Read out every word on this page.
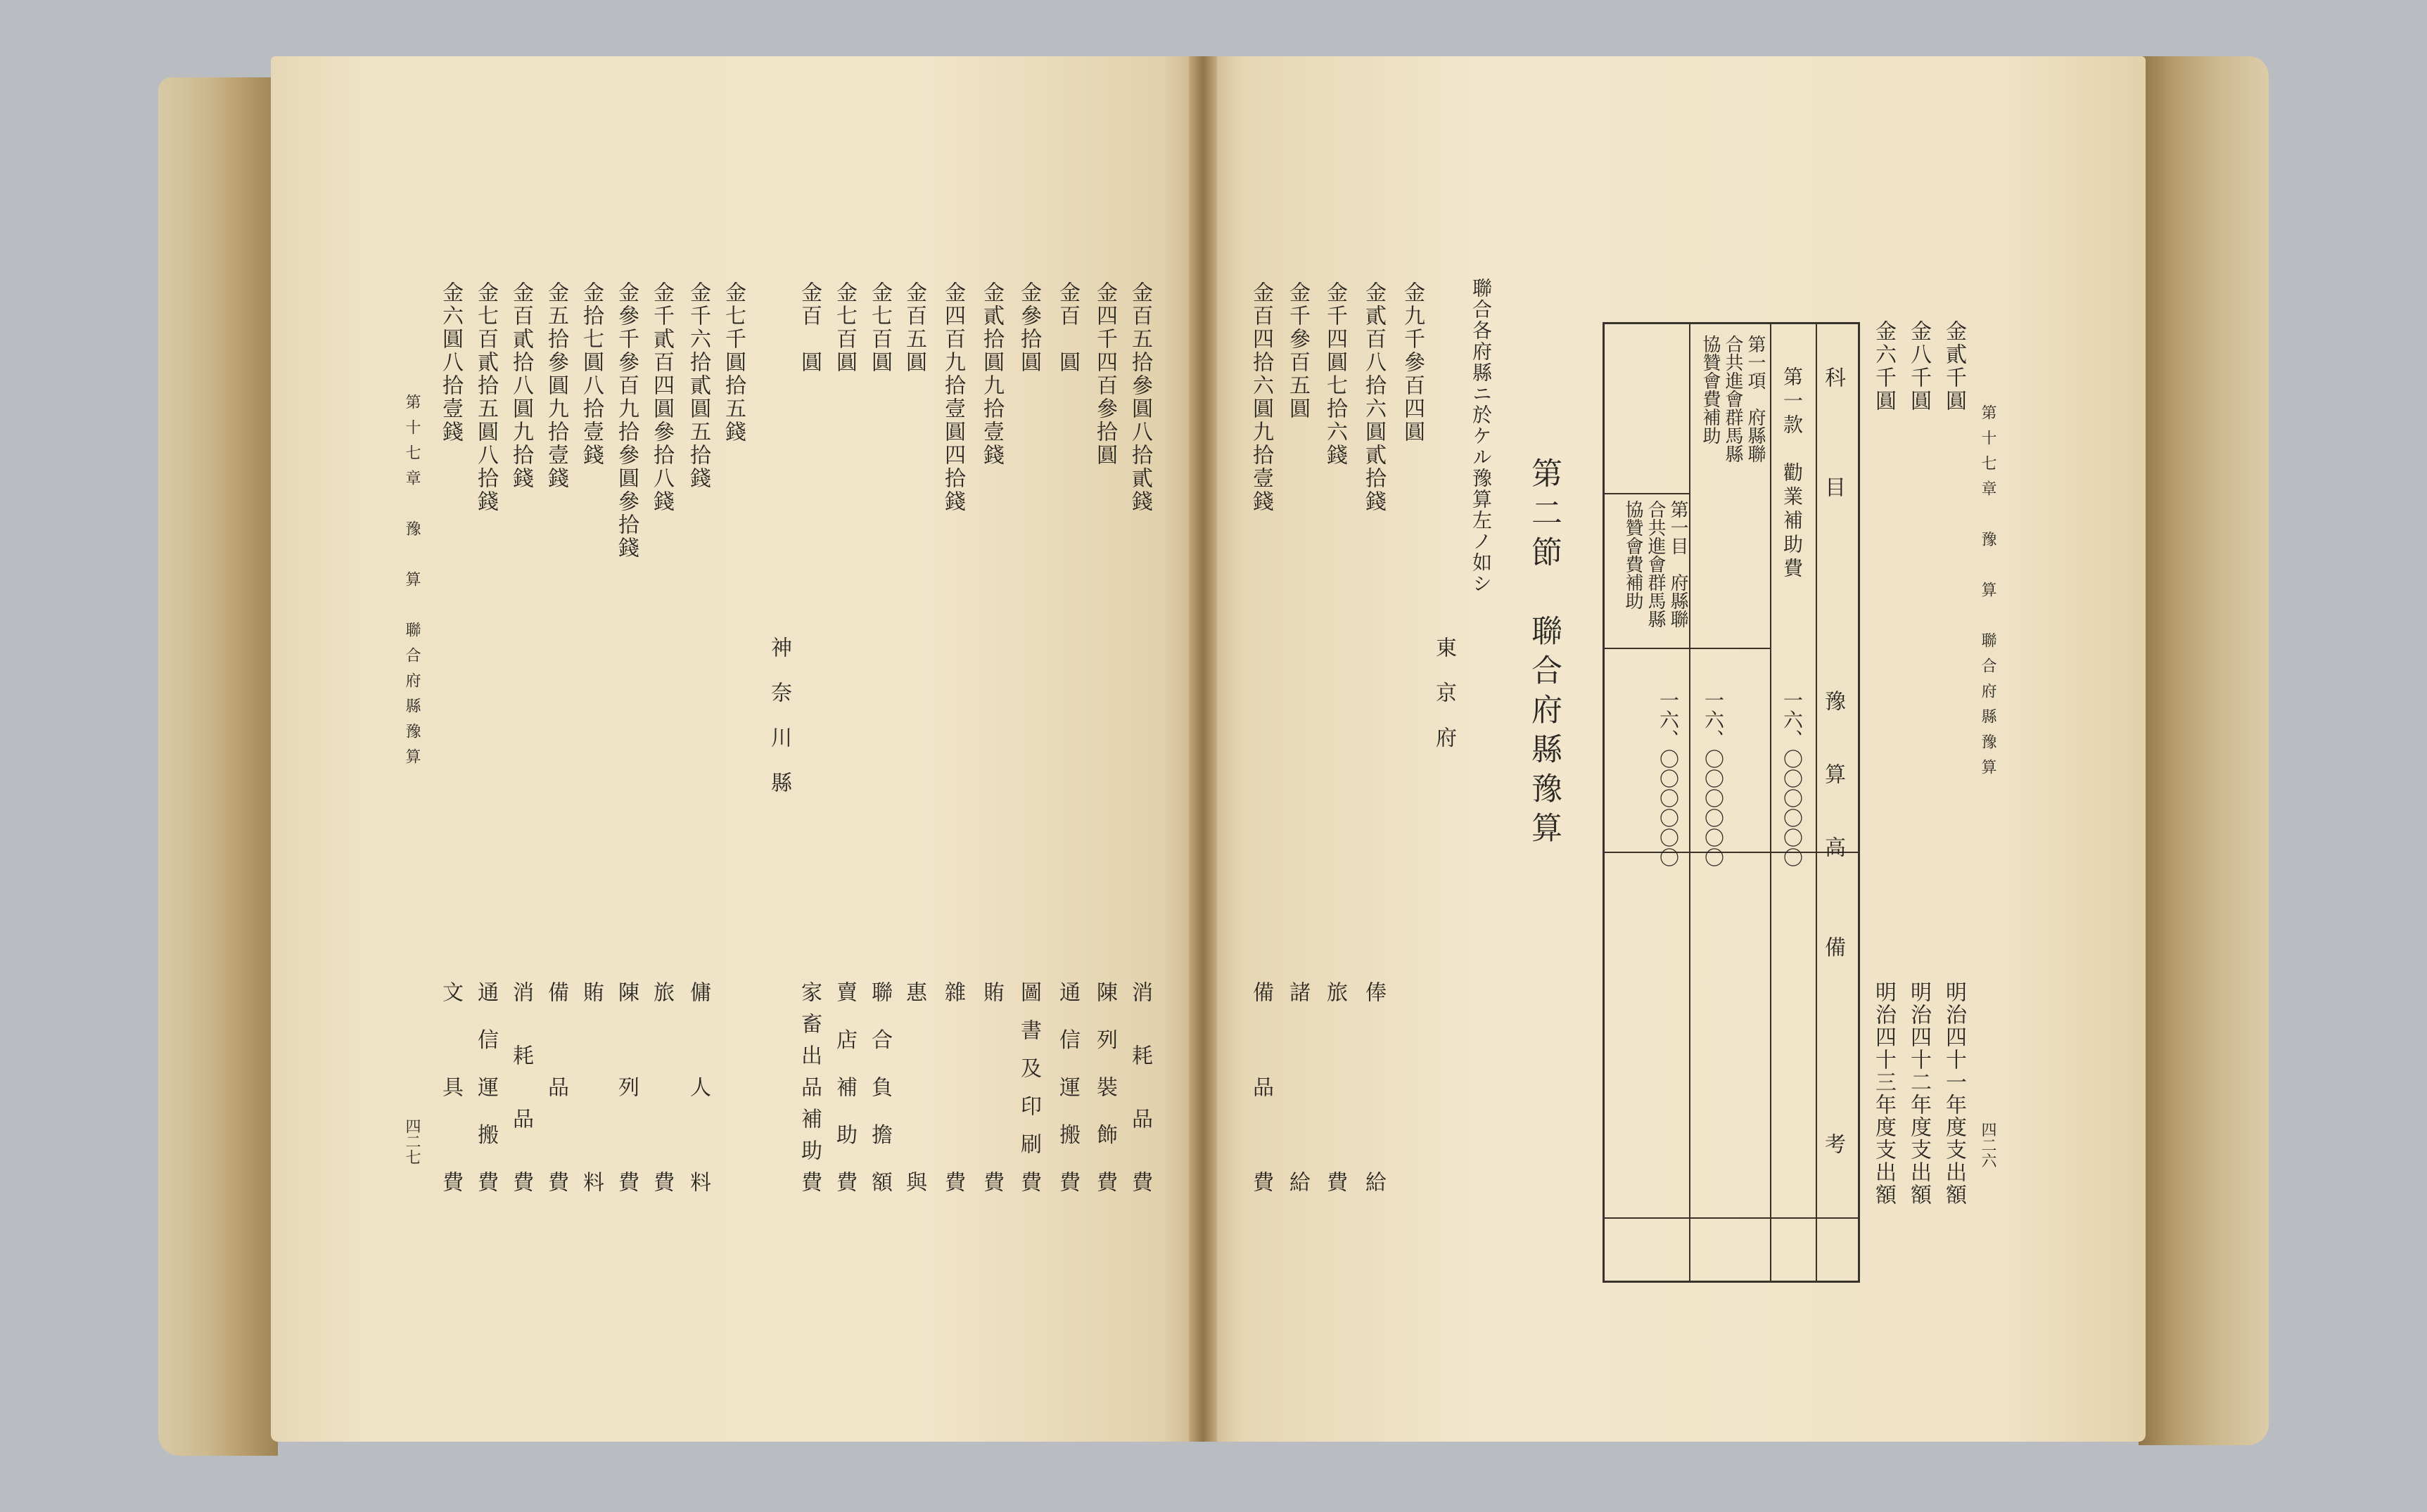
第十七章　豫　算　聯合府縣豫算
四二七
神奈川縣
金百五拾參圓八拾貳錢
金四千四百參拾圓
金百　圓
金參拾圓
金貳拾圓九拾壹錢
金四百九拾壹圓四拾錢
金百五圓
金七百圓
金七百圓
金百　圓
金七千圓拾五錢
金千六拾貳圓五拾錢
金千貳百四圓參拾八錢
金參千參百九拾參圓參拾錢
金拾七圓八拾壹錢
金五拾參圓九拾壹錢
金百貳拾八圓九拾錢
金七百貳拾五圓八拾錢
金六圓八拾壹錢
消耗品費
陳列裝飾費
通信運搬費
圖書及印刷費
賄費
雜費
惠與
聯合負擔額
賣店補助費
家畜出品補助費
傭人料
旅費
陳列費
賄料
備品費
消耗品費
通信運搬費
文具費
第十七章　豫　算　聯合府縣豫算
四二六
第二節　聯合府縣豫算
聯合各府縣ニ於ケル豫算左ノ如シ
東京府
金九千參百四圓
金貳百八拾六圓貳拾錢
金千四圓七拾六錢
金千參百五圓
金百四拾六圓九拾壹錢	金貳千圓
金八千圓
金六千圓
俸給
旅費
諸給
備品費	明治四十一年度支出額
明治四十二年度支出額
明治四十三年度支出額
科　　目
豫　算　高
備　　　考
第一款　勸業補助費
一六、〇〇〇〇〇〇
第一項　府縣聯合共進會群馬縣協贊會費補助
一六、〇〇〇〇〇〇
第一目　府縣聯合共進會群馬縣協贊會費補助
一六、〇〇〇〇〇〇
